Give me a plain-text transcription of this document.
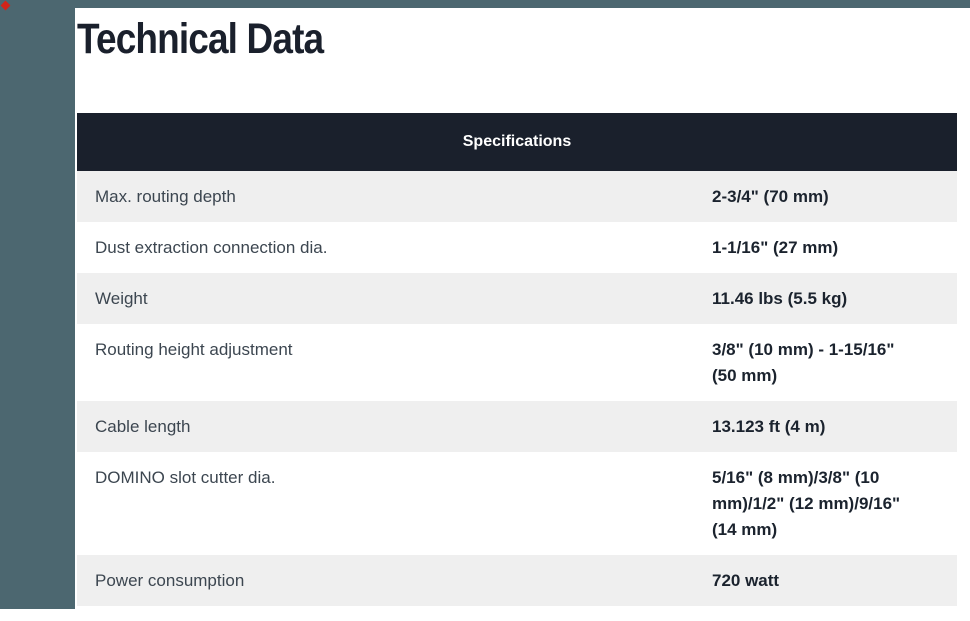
Technical Data
Specifications
Max. routing depth	2-3/4" (70 mm)
Dust extraction connection dia.	1-1/16" (27 mm)
Weight	11.46 lbs (5.5 kg)
Routing height adjustment	3/8" (10 mm) - 1-15/16" (50 mm)
Cable length	13.123 ft (4 m)
DOMINO slot cutter dia.	5/16" (8 mm)/3/8" (10 mm)/1/2" (12 mm)/9/16" (14 mm)
Power consumption	720 watt
